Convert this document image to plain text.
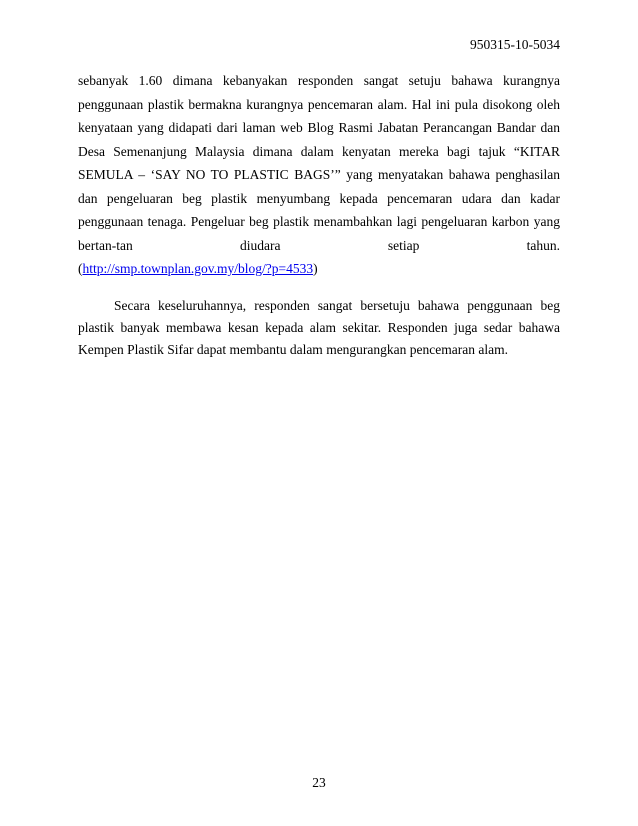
950315-10-5034

sebanyak 1.60 dimana kebanyakan responden sangat setuju bahawa kurangnya penggunaan plastik bermakna kurangnya pencemaran alam. Hal ini pula disokong oleh kenyataan yang didapati dari laman web Blog Rasmi Jabatan Perancangan Bandar dan Desa Semenanjung Malaysia dimana dalam kenyatan mereka bagi tajuk “KITAR SEMULA – ‘SAY NO TO PLASTIC BAGS’” yang menyatakan bahawa penghasilan dan pengeluaran beg plastik menyumbang kepada pencemaran udara dan kadar penggunaan tenaga. Pengeluar beg plastik menambahkan lagi pengeluaran karbon yang bertan-tan diudara setiap tahun.

(http://smp.townplan.gov.my/blog/?p=4533)

Secara keseluruhannya, responden sangat bersetuju bahawa penggunaan beg plastik banyak membawa kesan kepada alam sekitar. Responden juga sedar bahawa Kempen Plastik Sifar dapat membantu dalam mengurangkan pencemaran alam.

23
